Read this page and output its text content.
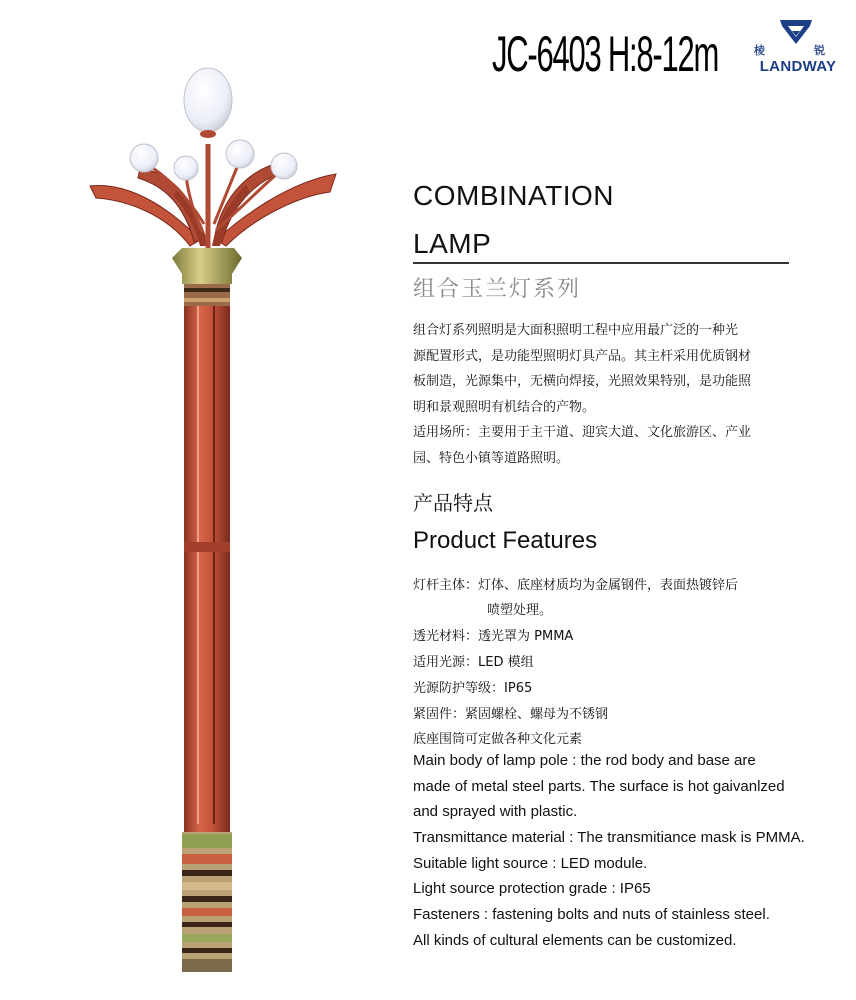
JC-6403 H:8-12m	棱	锐
LANDWAY
COMBINATION
LAMP
组合玉兰灯系列

组合灯系列照明是大面积照明工程中应用最广泛的一种光

源配置形式，是功能型照明灯具产品。其主杆采用优质钢材

板制造，光源集中，无横向焊接，光照效果特别，是功能照

明和景观照明有机结合的产物。

适用场所：主要用于主干道、迎宾大道、文化旅游区、产业

园、特色小镇等道路照明。

产品特点
Product Features
灯杆主体：灯体、底座材质均为金属钢件，表面热镀锌后
喷塑处理。
透光材料：透光罩为 PMMA
适用光源：LED 模组
光源防护等级：IP65
紧固件：紧固螺栓、螺母为不锈钢
底座围筒可定做各种文化元素
Main body of lamp pole : the rod body and base are
made of metal steel parts. The surface is hot gaivanlzed
and sprayed with plastic.
Transmittance material : The transmitiance mask is PMMA.
Suitable light source : LED module.
Light source protection grade : IP65
Fasteners : fastening bolts and nuts of stainless steel.
All kinds of cultural elements can be customized.
